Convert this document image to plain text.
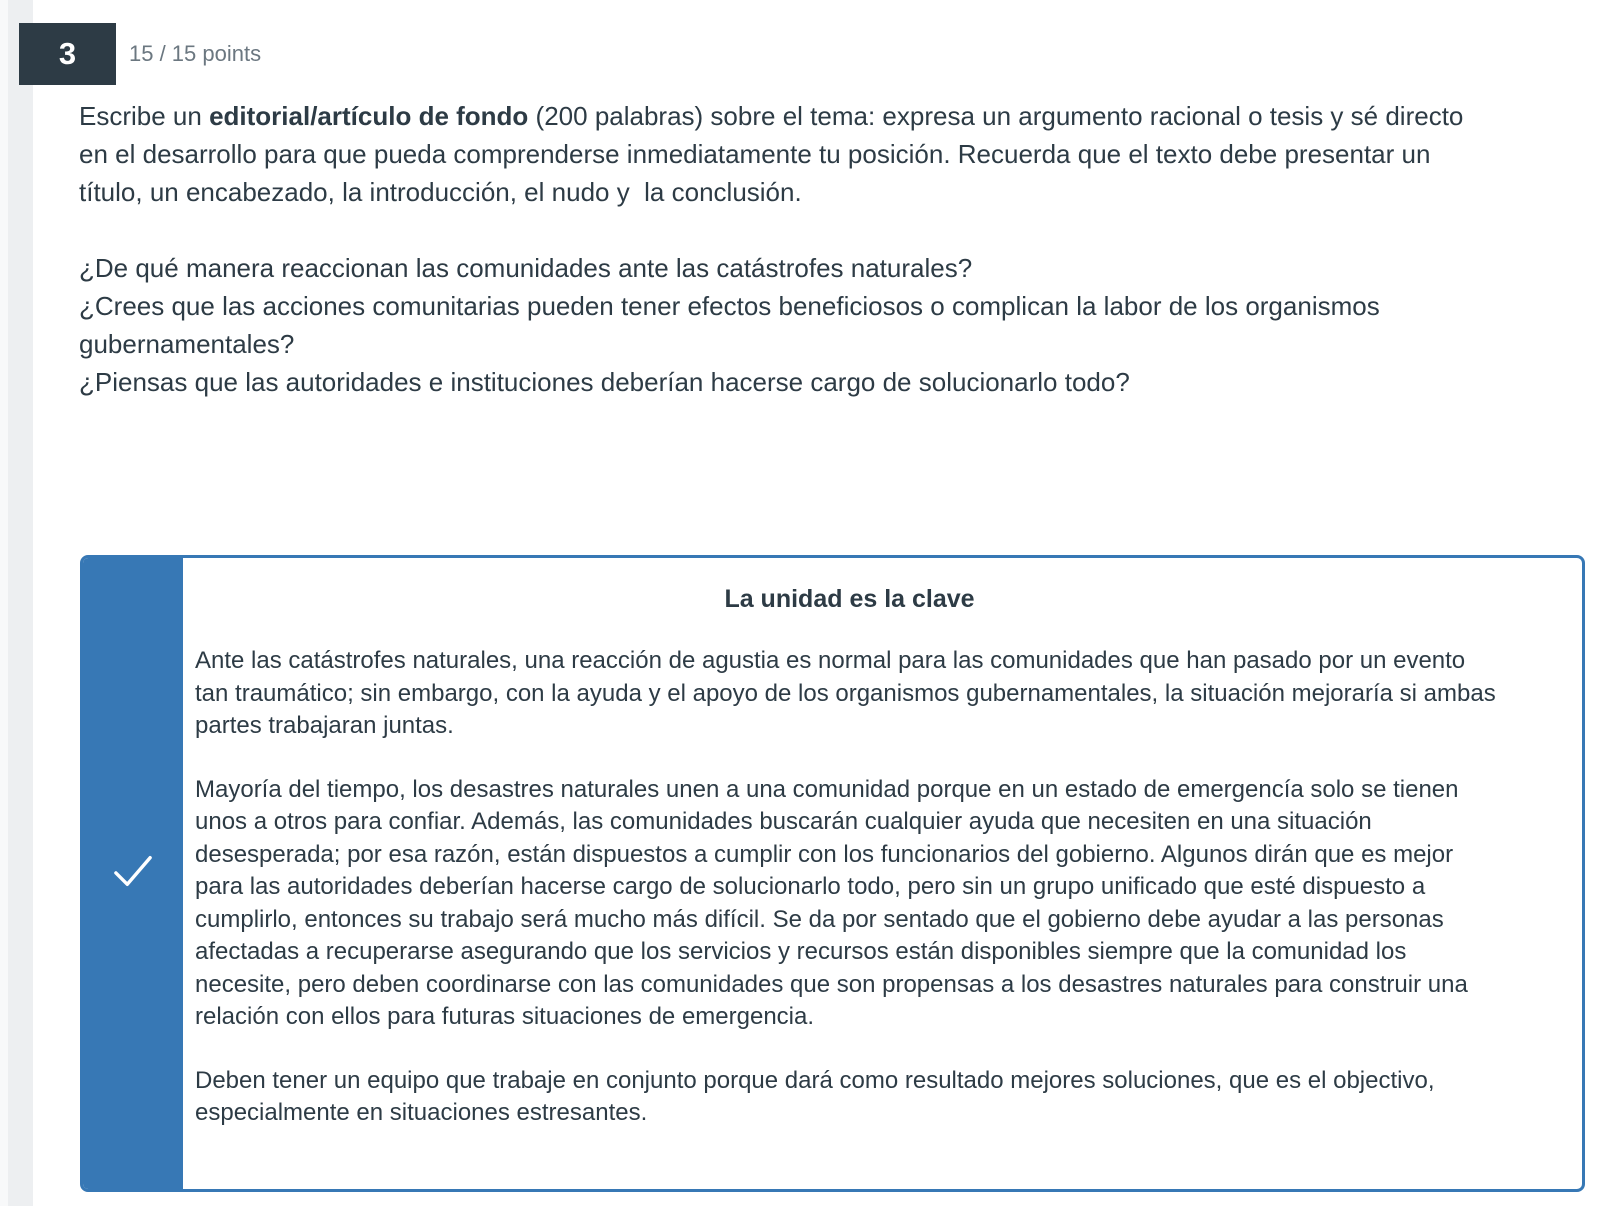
3 15 / 15 points

Escribe un editorial/artículo de fondo (200 palabras) sobre el tema: expresa un argumento racional o tesis y sé directo en el desarrollo para que pueda comprenderse inmediatamente tu posición. Recuerda que el texto debe presentar un título, un encabezado, la introducción, el nudo y  la conclusión.

¿De qué manera reaccionan las comunidades ante las catástrofes naturales?

¿Crees que las acciones comunitarias pueden tener efectos beneficiosos o complican la labor de los organismos gubernamentales?

¿Piensas que las autoridades e instituciones deberían hacerse cargo de solucionarlo todo?

La unidad es la clave

Ante las catástrofes naturales, una reacción de agustia es normal para las comunidades que han pasado por un evento tan traumático; sin embargo, con la ayuda y el apoyo de los organismos gubernamentales, la situación mejoraría si ambas partes trabajaran juntas.

Mayoría del tiempo, los desastres naturales unen a una comunidad porque en un estado de emergencía solo se tienen unos a otros para confiar. Además, las comunidades buscarán cualquier ayuda que necesiten en una situación desesperada; por esa razón, están dispuestos a cumplir con los funcionarios del gobierno. Algunos dirán que es mejor para las autoridades deberían hacerse cargo de solucionarlo todo, pero sin un grupo unificado que esté dispuesto a cumplirlo, entonces su trabajo será mucho más difícil. Se da por sentado que el gobierno debe ayudar a las personas afectadas a recuperarse asegurando que los servicios y recursos están disponibles siempre que la comunidad los necesite, pero deben coordinarse con las comunidades que son propensas a los desastres naturales para construir una relación con ellos para futuras situaciones de emergencia.

Deben tener un equipo que trabaje en conjunto porque dará como resultado mejores soluciones, que es el objectivo, especialmente en situaciones estresantes.
